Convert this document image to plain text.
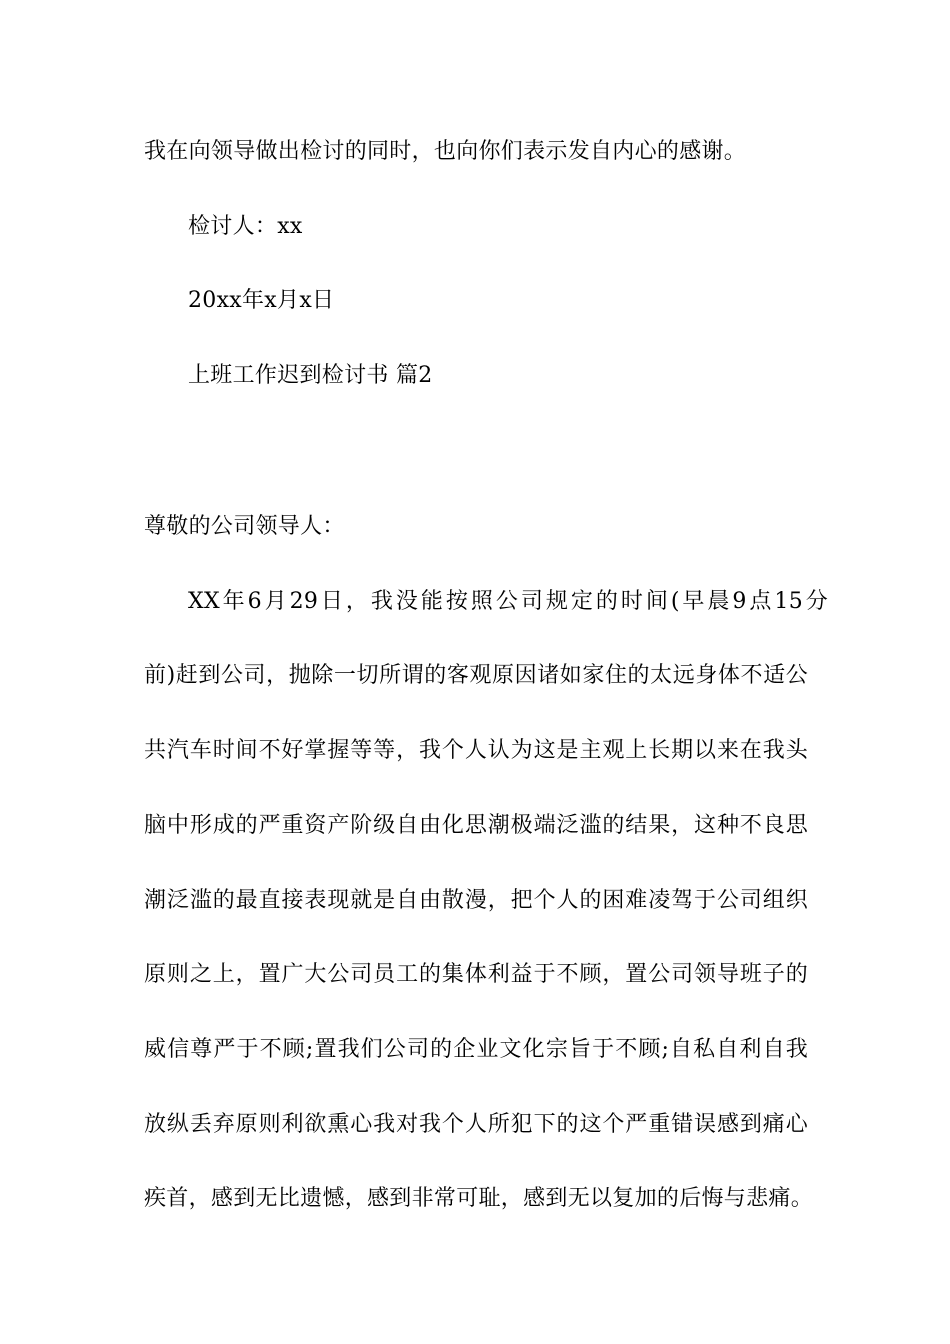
我在向领导做出检讨的同时，也向你们表示发自内心的感谢。
检讨人：xx
20xx年x月x日
上班工作迟到检讨书 篇2
尊敬的公司领导人：
XX年6月29日，我没能按照公司规定的时间(早晨9点15分
前)赶到公司，抛除一切所谓的客观原因诸如家住的太远身体不适公
共汽车时间不好掌握等等，我个人认为这是主观上长期以来在我头
脑中形成的严重资产阶级自由化思潮极端泛滥的结果，这种不良思
潮泛滥的最直接表现就是自由散漫，把个人的困难凌驾于公司组织
原则之上，置广大公司员工的集体利益于不顾，置公司领导班子的
威信尊严于不顾;置我们公司的企业文化宗旨于不顾;自私自利自我
放纵丢弃原则利欲熏心我对我个人所犯下的这个严重错误感到痛心
疾首，感到无比遗憾，感到非常可耻，感到无以复加的后悔与悲痛。
